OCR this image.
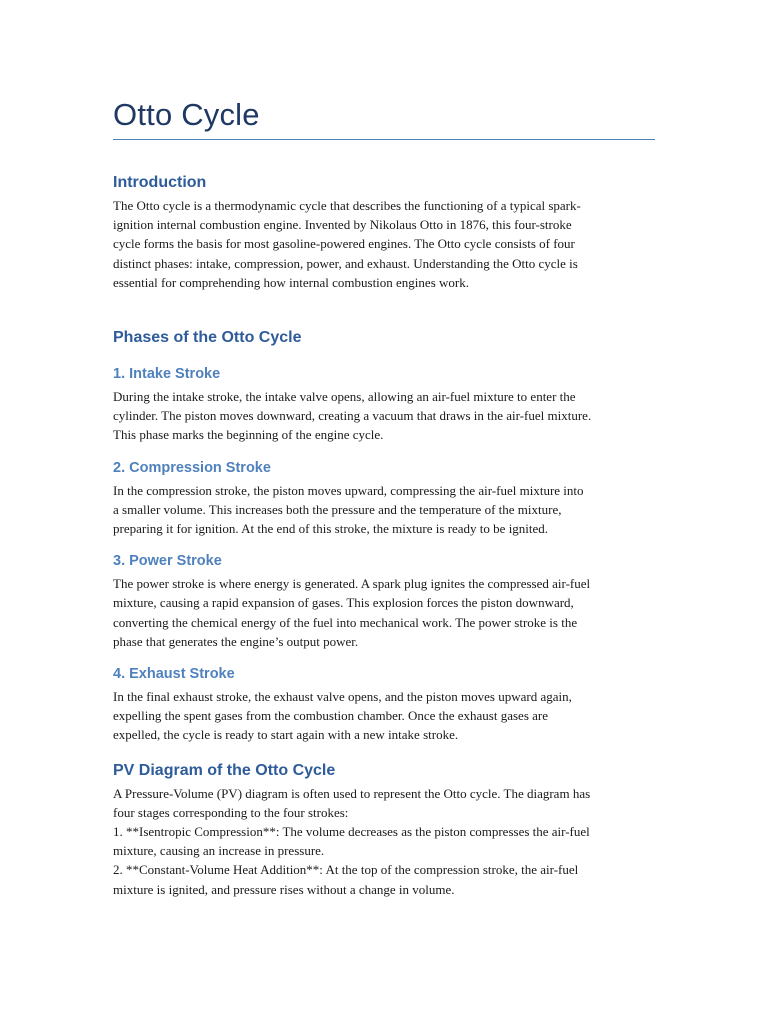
Otto Cycle
Introduction

The Otto cycle is a thermodynamic cycle that describes the functioning of a typical spark-
ignition internal combustion engine. Invented by Nikolaus Otto in 1876, this four-stroke
cycle forms the basis for most gasoline-powered engines. The Otto cycle consists of four
distinct phases: intake, compression, power, and exhaust. Understanding the Otto cycle is
essential for comprehending how internal combustion engines work.

Phases of the Otto Cycle
1. Intake Stroke

During the intake stroke, the intake valve opens, allowing an air-fuel mixture to enter the
cylinder. The piston moves downward, creating a vacuum that draws in the air-fuel mixture.
This phase marks the beginning of the engine cycle.

2. Compression Stroke

In the compression stroke, the piston moves upward, compressing the air-fuel mixture into
a smaller volume. This increases both the pressure and the temperature of the mixture,
preparing it for ignition. At the end of this stroke, the mixture is ready to be ignited.

3. Power Stroke

The power stroke is where energy is generated. A spark plug ignites the compressed air-fuel
mixture, causing a rapid expansion of gases. This explosion forces the piston downward,
converting the chemical energy of the fuel into mechanical work. The power stroke is the
phase that generates the engine’s output power.

4. Exhaust Stroke

In the final exhaust stroke, the exhaust valve opens, and the piston moves upward again,
expelling the spent gases from the combustion chamber. Once the exhaust gases are
expelled, the cycle is ready to start again with a new intake stroke.

PV Diagram of the Otto Cycle

A Pressure-Volume (PV) diagram is often used to represent the Otto cycle. The diagram has
four stages corresponding to the four strokes:
1. **Isentropic Compression**: The volume decreases as the piston compresses the air-fuel
mixture, causing an increase in pressure.
2. **Constant-Volume Heat Addition**: At the top of the compression stroke, the air-fuel
mixture is ignited, and pressure rises without a change in volume.
